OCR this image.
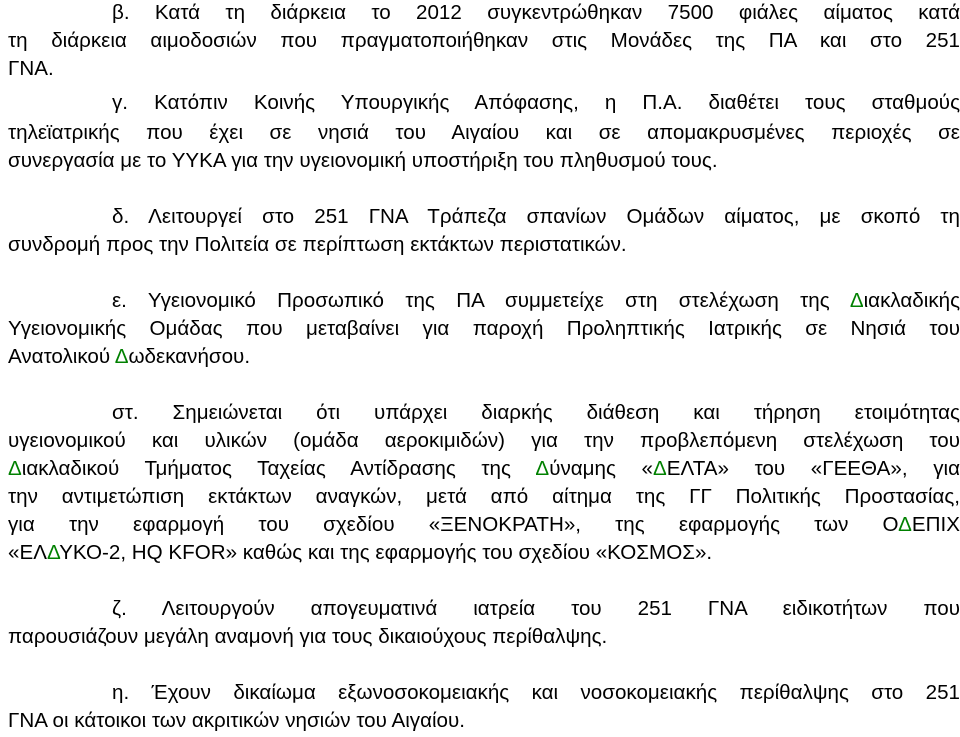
β. Κατά τη διάρκεια το 2012 συγκεντρώθηκαν 7500 φιάλες αίματος κατά

τη διάρκεια αιμοδοσιών που πραγματοποιήθηκαν στις Μονάδες της ΠΑ και στο 251

ΓΝΑ.

γ. Κατόπιν Κοινής Υπουργικής Απόφασης, η Π.Α. διαθέτει τους σταθμούς

τηλεϊατρικής που έχει σε νησιά του Αιγαίου και σε απομακρυσμένες περιοχές σε

συνεργασία με το ΥΥΚΑ για την υγειονομική υποστήριξη του πληθυσμού τους.

δ. Λειτουργεί στο 251 ΓΝΑ Τράπεζα σπανίων Ομάδων αίματος, με σκοπό τη

συνδρομή προς την Πολιτεία σε περίπτωση εκτάκτων περιστατικών.

ε. Υγειονομικό Προσωπικό της ΠΑ συμμετείχε στη στελέχωση της Διακλαδικής

Υγειονομικής Ομάδας που μεταβαίνει για παροχή Προληπτικής Ιατρικής σε Νησιά του

Ανατολικού Δωδεκανήσου.

στ. Σημειώνεται ότι υπάρχει διαρκής διάθεση και τήρηση ετοιμότητας

υγειονομικού και υλικών (ομάδα αεροκιμιδών) για την προβλεπόμενη στελέχωση του

Διακλαδικού Τμήματος Ταχείας Αντίδρασης της Δύναμης «ΔΕΛΤΑ» του «ΓΕΕΘΑ», για

την αντιμετώπιση εκτάκτων αναγκών, μετά από αίτημα της ΓΓ Πολιτικής Προστασίας,

για την εφαρμογή του σχεδίου «ΞΕΝΟΚΡΑΤΗ», της εφαρμογής των ΟΔΕΠΙΧ

«ΕΛΔΥΚΟ-2, HQ KFOR» καθώς και της εφαρμογής του σχεδίου «ΚΟΣΜΟΣ».

ζ. Λειτουργούν απογευματινά ιατρεία του 251 ΓΝΑ ειδικοτήτων που

παρουσιάζουν μεγάλη αναμονή για τους δικαιούχους περίθαλψης.

η. Έχουν δικαίωμα εξωνοσοκομειακής και νοσοκομειακής περίθαλψης στο 251

ΓΝΑ οι κάτοικοι των ακριτικών νησιών του Αιγαίου.
